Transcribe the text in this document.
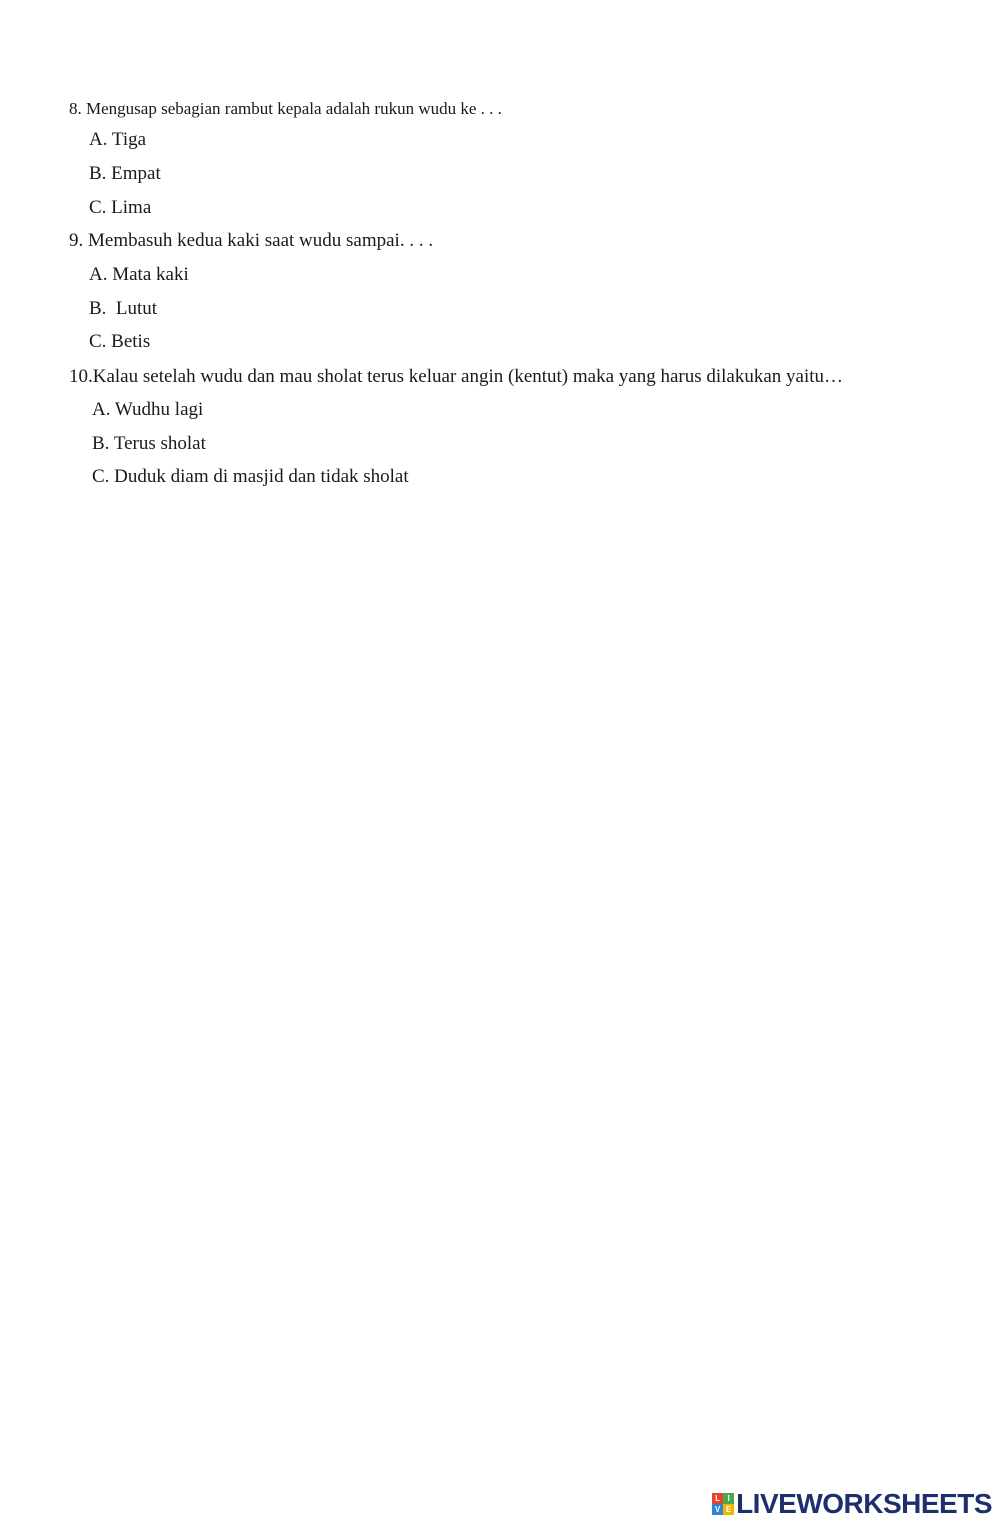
8. Mengusap sebagian rambut kepala adalah rukun wudu ke . . .
A. Tiga
B. Empat
C. Lima
9. Membasuh kedua kaki saat wudu sampai. . . .
A. Mata kaki
B.  Lutut
C. Betis
10.Kalau setelah wudu dan mau sholat terus keluar angin (kentut) maka yang harus dilakukan yaitu…
A. Wudhu lagi
B. Terus sholat
C. Duduk diam di masjid dan tidak sholat
L I
V E LIVEWORKSHEETS
